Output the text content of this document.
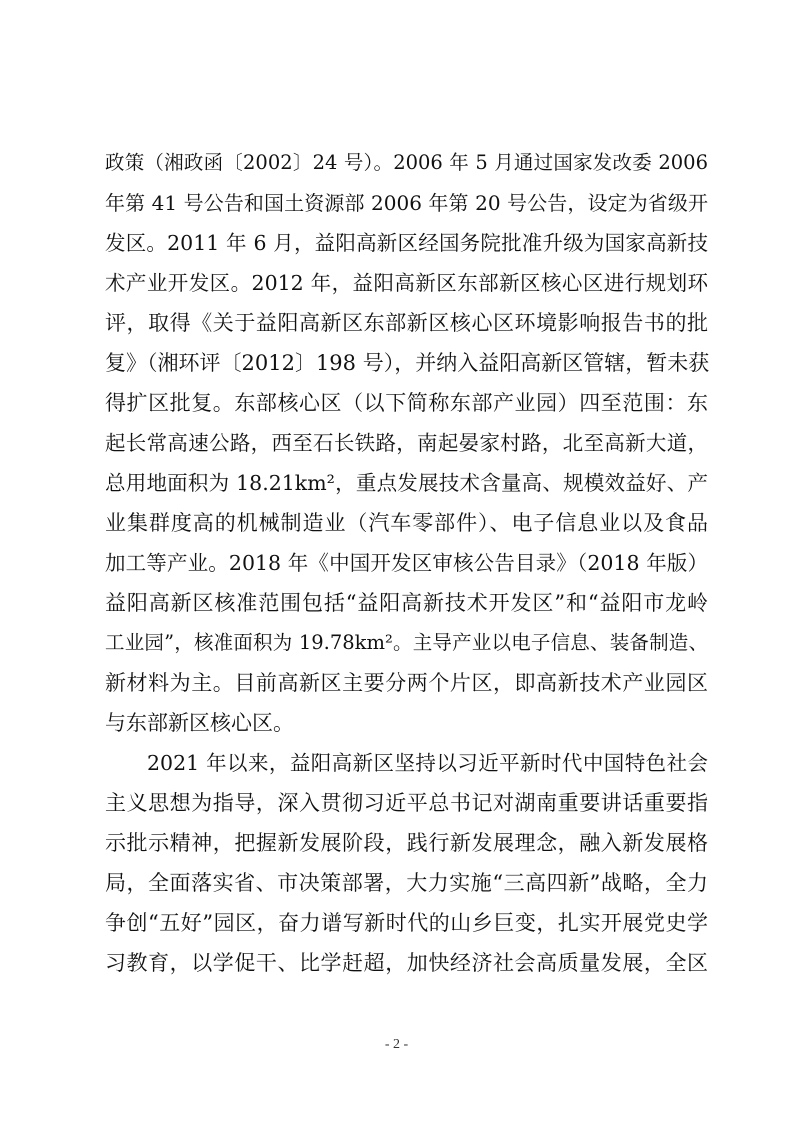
政策（湘政函〔2002〕24 号）。2006 年 5 月通过国家发改委 2006
年第 41 号公告和国土资源部 2006 年第 20 号公告，设定为省级开
发区。2011 年 6 月，益阳高新区经国务院批准升级为国家高新技
术产业开发区。2012 年，益阳高新区东部新区核心区进行规划环
评，取得《关于益阳高新区东部新区核心区环境影响报告书的批
复》（湘环评〔2012〕198 号），并纳入益阳高新区管辖，暂未获
得扩区批复。东部核心区（以下简称东部产业园）四至范围：东
起长常高速公路，西至石长铁路，南起晏家村路，北至高新大道，
总用地面积为 18.21km²，重点发展技术含量高、规模效益好、产
业集群度高的机械制造业（汽车零部件）、电子信息业以及食品
加工等产业。2018 年《中国开发区审核公告目录》（2018 年版）
益阳高新区核准范围包括“益阳高新技术开发区”和“益阳市龙岭
工业园”，核准面积为 19.78km²。主导产业以电子信息、装备制造、
新材料为主。目前高新区主要分两个片区，即高新技术产业园区
与东部新区核心区。
2021 年以来，益阳高新区坚持以习近平新时代中国特色社会
主义思想为指导，深入贯彻习近平总书记对湖南重要讲话重要指
示批示精神，把握新发展阶段，践行新发展理念，融入新发展格
局，全面落实省、市决策部署，大力实施“三高四新”战略，全力
争创“五好”园区，奋力谱写新时代的山乡巨变，扎实开展党史学
习教育，以学促干、比学赶超，加快经济社会高质量发展，全区
- 2 -
